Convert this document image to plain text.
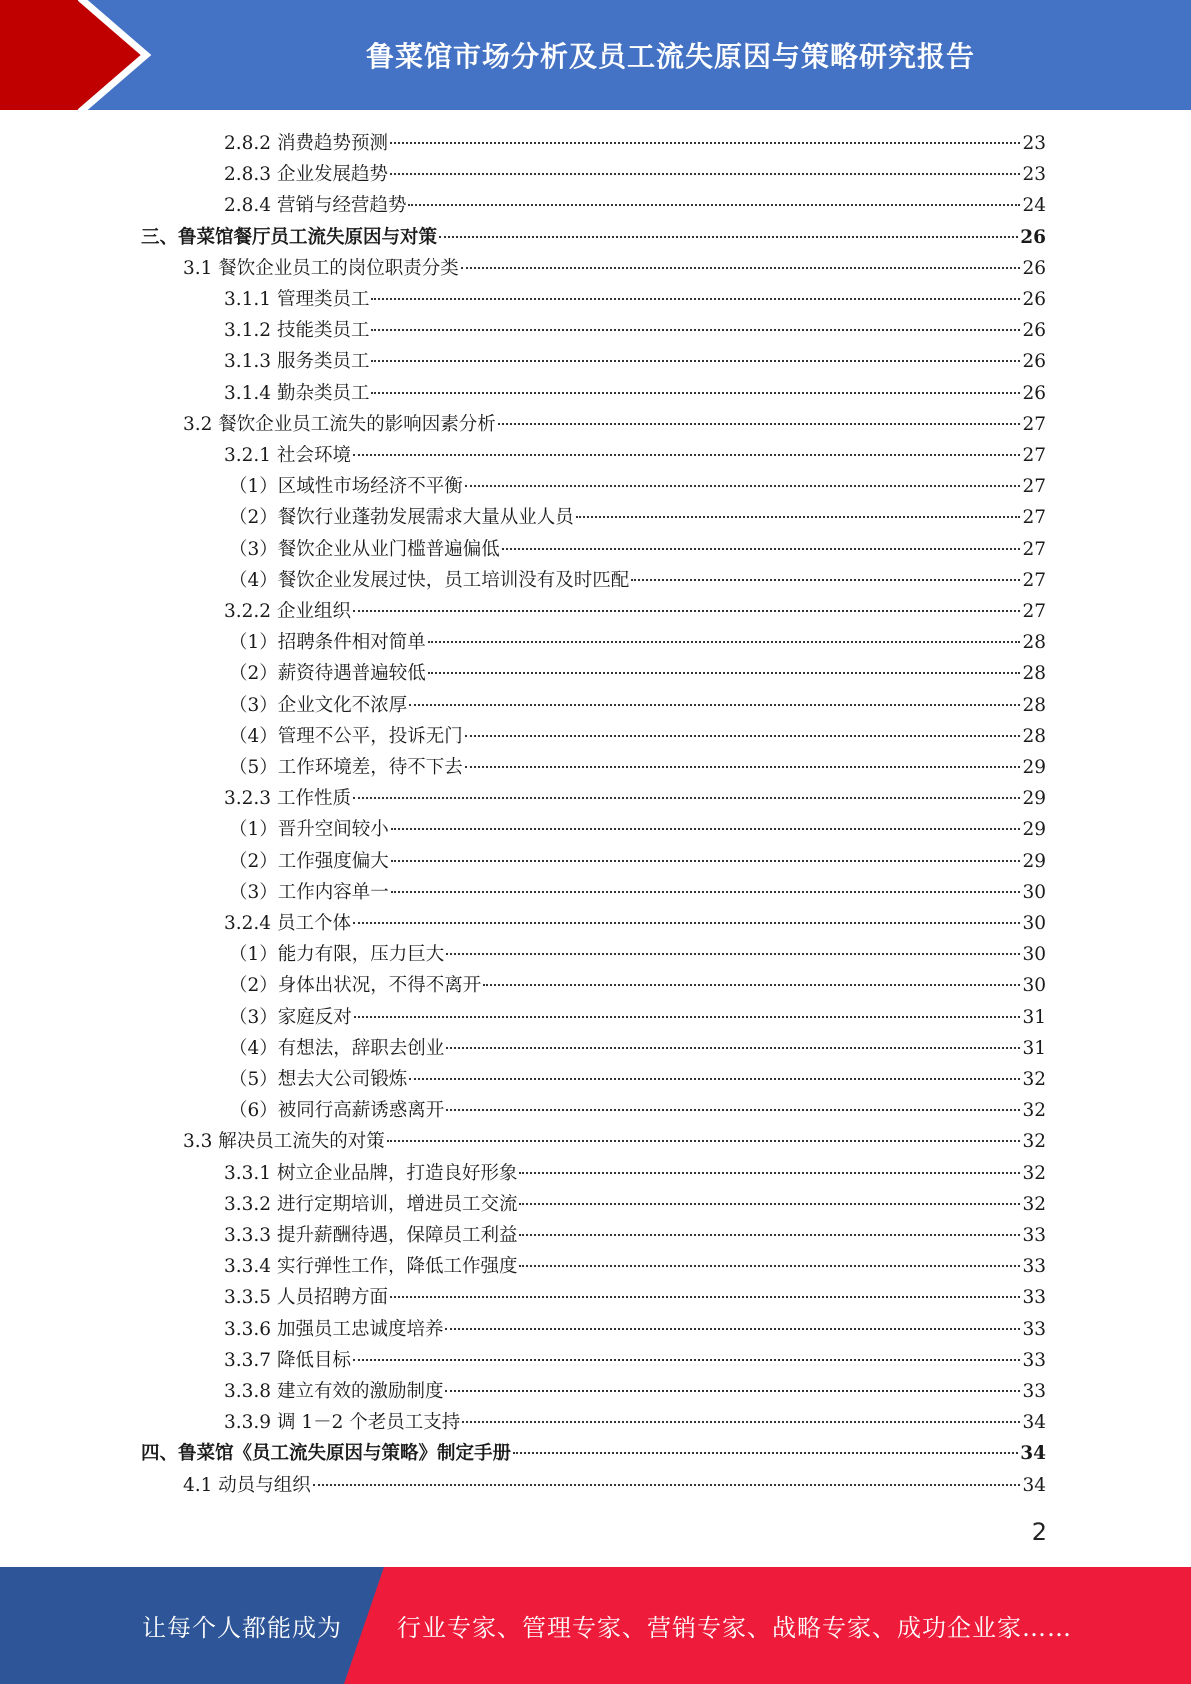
鲁菜馆市场分析及员工流失原因与策略研究报告
2.8.2 消费趋势预测	23
2.8.3 企业发展趋势	23
2.8.4 营销与经营趋势	24
三、鲁菜馆餐厅员工流失原因与对策	26
3.1 餐饮企业员工的岗位职责分类	26
3.1.1 管理类员工	26
3.1.2 技能类员工	26
3.1.3 服务类员工	26
3.1.4 勤杂类员工	26
3.2 餐饮企业员工流失的影响因素分析	27
3.2.1 社会环境	27
（1）区域性市场经济不平衡	27
（2）餐饮行业蓬勃发展需求大量从业人员	27
（3）餐饮企业从业门槛普遍偏低	27
（4）餐饮企业发展过快，员工培训没有及时匹配	27
3.2.2 企业组织	27
（1）招聘条件相对简单	28
（2）薪资待遇普遍较低	28
（3）企业文化不浓厚	28
（4）管理不公平，投诉无门	28
（5）工作环境差，待不下去	29
3.2.3 工作性质	29
（1）晋升空间较小	29
（2）工作强度偏大	29
（3）工作内容单一	30
3.2.4 员工个体	30
（1）能力有限，压力巨大	30
（2）身体出状况，不得不离开	30
（3）家庭反对	31
（4）有想法，辞职去创业	31
（5）想去大公司锻炼	32
（6）被同行高薪诱惑离开	32
3.3 解决员工流失的对策	32
3.3.1 树立企业品牌，打造良好形象	32
3.3.2 进行定期培训，增进员工交流	32
3.3.3 提升薪酬待遇，保障员工利益	33
3.3.4 实行弹性工作，降低工作强度	33
3.3.5 人员招聘方面	33
3.3.6 加强员工忠诚度培养	33
3.3.7 降低目标	33
3.3.8 建立有效的激励制度	33
3.3.9 调 1－2 个老员工支持	34
四、鲁菜馆《员工流失原因与策略》制定手册	34
4.1 动员与组织	34
2
让每个人都能成为 行业专家、管理专家、营销专家、战略专家、成功企业家……
